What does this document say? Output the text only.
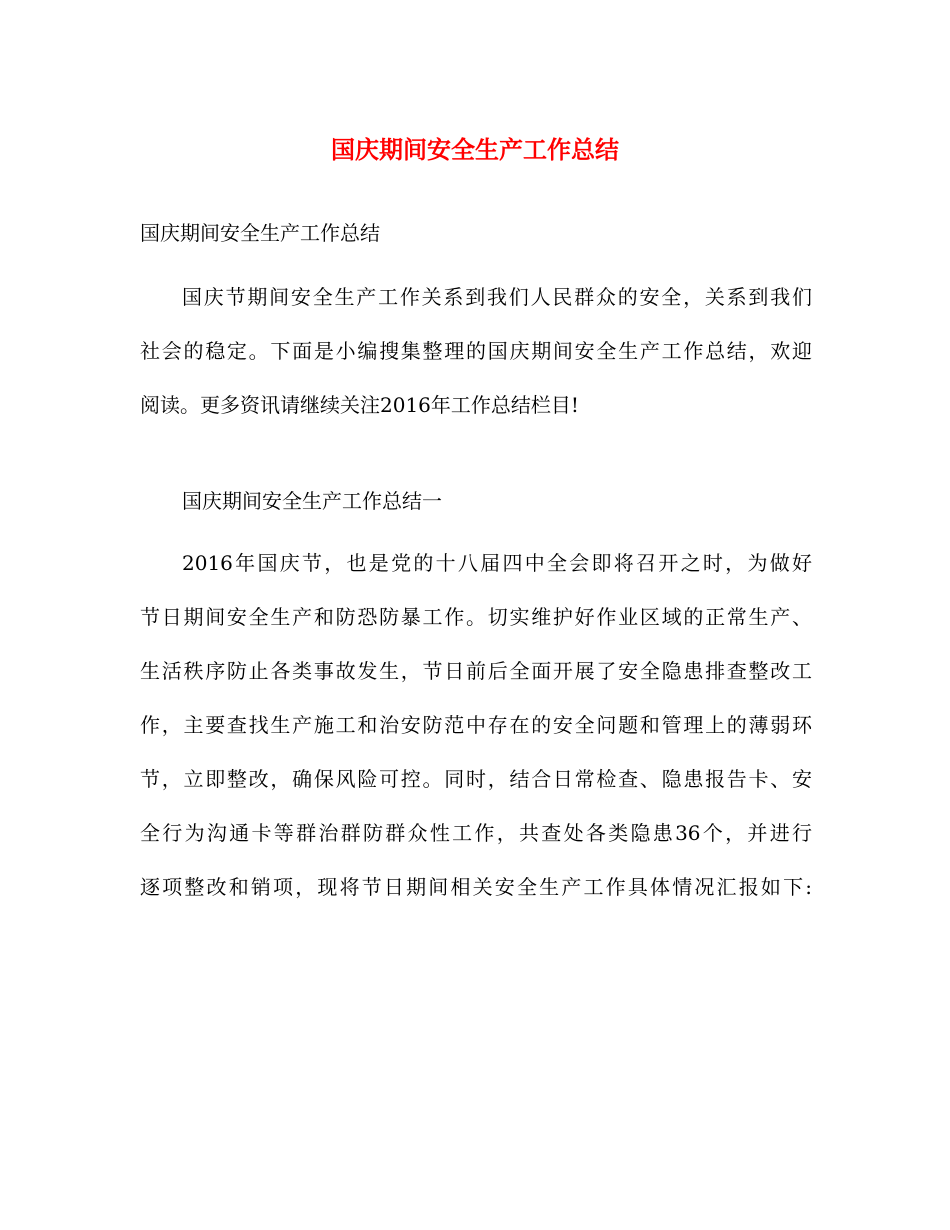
国庆期间安全生产工作总结

国庆期间安全生产工作总结

国庆节期间安全生产工作关系到我们人民群众的安全，关系到我们
社会的稳定。下面是小编搜集整理的国庆期间安全生产工作总结，欢迎
阅读。更多资讯请继续关注2016年工作总结栏目!

国庆期间安全生产工作总结一

2016年国庆节，也是党的十八届四中全会即将召开之时，为做好
节日期间安全生产和防恐防暴工作。切实维护好作业区域的正常生产、
生活秩序防止各类事故发生，节日前后全面开展了安全隐患排查整改工
作，主要查找生产施工和治安防范中存在的安全问题和管理上的薄弱环
节，立即整改，确保风险可控。同时，结合日常检查、隐患报告卡、安
全行为沟通卡等群治群防群众性工作，共查处各类隐患36个，并进行
逐项整改和销项，现将节日期间相关安全生产工作具体情况汇报如下:
